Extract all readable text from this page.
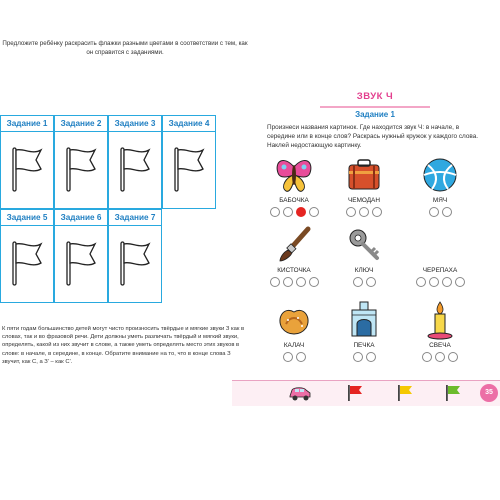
Предложите ребёнку раскрасить флажки разными цветами в соответствии с тем, как он справится с заданиями.
Задание 1	Задание 2	Задание 3	Задание 4
Задание 5	Задание 6	Задание 7
К пяти годам большинство детей могут чисто произносить твёрдые и мягкие звуки З как в словах, так и во фразовой речи. Дети должны уметь различать твёрдый и мягкий звуки, определять, какой из них звучит в слове, а также уметь определять место этих звуков в слове: в начале, в середине, в конце. Обратите внимание на то, что в конце слова З звучит, как С, а З’ – как С’.
ЗВУК Ч
Задание 1
Произнеси названия картинок. Где находится звук Ч: в начале, в середине или в конце слов? Раскрась нужный кружок у каждого слова. Наклей недостающую картинку.
БАБОЧКА	ЧЕМОДАН	МЯЧ
КИСТОЧКА	КЛЮЧ	ЧЕРЕПАХА
КАЛАЧ	ПЕЧКА	СВЕЧА
35
